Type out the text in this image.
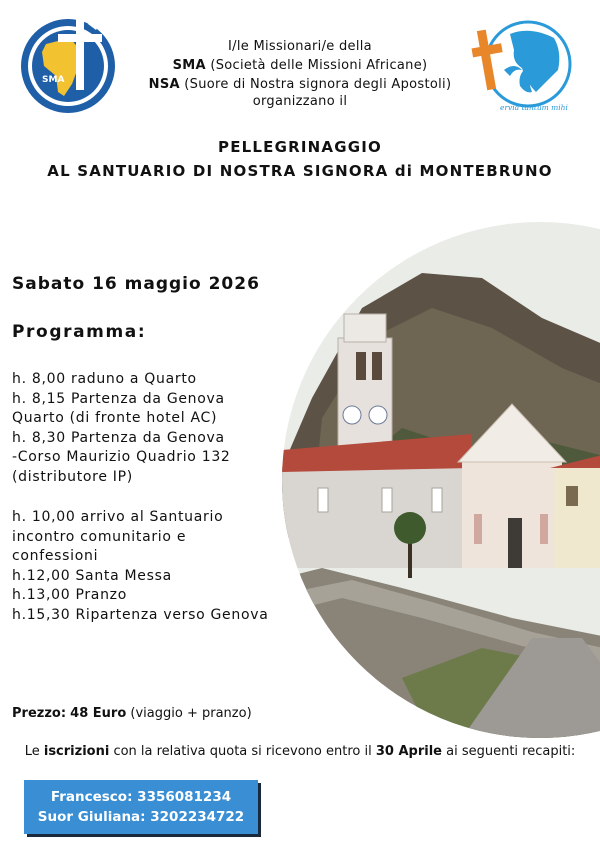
SMA
ervia tantum mihi
I/le Missionari/e della
SMA (Società delle Missioni Africane)
NSA (Suore di Nostra signora degli Apostoli)
organizzano il
PELLEGRINAGGIO
AL SANTUARIO DI NOSTRA SIGNORA di MONTEBRUNO
Sabato 16 maggio 2026
Programma:
h. 8,00 raduno a Quarto
h. 8,15 Partenza da Genova
Quarto (di fronte hotel AC)
h. 8,30 Partenza da Genova
-Corso Maurizio Quadrio 132
(distributore IP)
h. 10,00 arrivo al Santuario
incontro comunitario e
confessioni
h.12,00 Santa Messa
h.13,00 Pranzo
h.15,30 Ripartenza verso Genova
Prezzo: 48 Euro (viaggio + pranzo)
Le iscrizioni con la relativa quota si ricevono entro il 30 Aprile ai seguenti recapiti:
Francesco: 3356081234
Suor Giuliana: 3202234722
